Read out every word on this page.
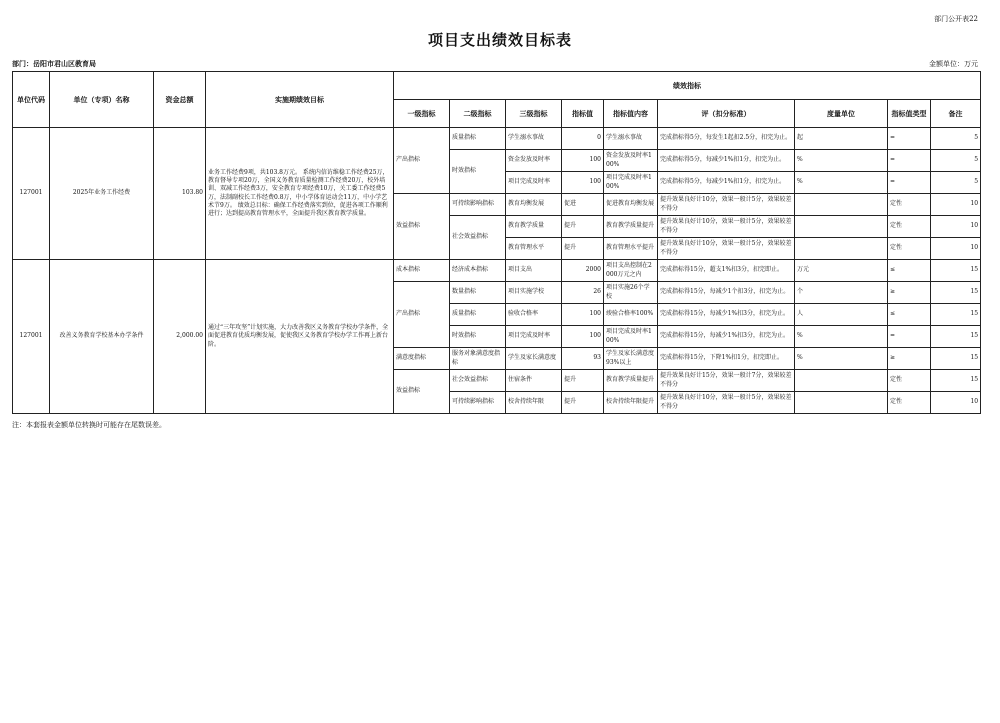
部门公开表22
项目支出绩效目标表
部门：岳阳市君山区教育局	金额单位：万元
单位代码	单位（专项）名称	资金总额	实施期绩效目标	绩效指标								
				一级指标	二级指标	三级指标	指标值	指标值内容	评（扣分标准）	度量单位	指标值类型	备注
127001	2025年业务工作经费	103.80	业务工作经费9项，共103.8万元。 系统内信访维稳工作经费25万，教育督导专项20万，全国义务教育质量检测工作经费20万，校外培训、双减工作经费3万，安全教育专项经费10万，关工委工作经费5万，法制副校长工作经费0.8万，中小学体育运动会11万，中小学艺术节9万。 绩效总目标：确保工作经费落实到位，促进各项工作顺利进行；达到提高教育管理水平，全面提升我区教育教学质量。	产出指标	质量指标	学生溺水事故	0	学生溺水事故	完成指标得5分，每发生1起扣2.5分，扣完为止。	起	=	5
					时效指标	资金发放及时率	100	资金发放及时率100%	完成指标得5分，每减少1%扣1分，扣完为止。	%	=	5
						项目完成及时率	100	项目完成及时率100%	完成指标得5分，每减少1%扣1分，扣完为止。	%	=	5
				效益指标	可持续影响指标	教育均衡发展	促进	促进教育均衡发展	提升效果良好计10分，效果一般计5分，效果较差不得分		定性	10
					社会效益指标	教育教学质量	提升	教育教学质量提升	提升效果良好计10分，效果一般计5分，效果较差不得分		定性	10
						教育管理水平	提升	教育管理水平提升	提升效果良好计10分，效果一般计5分，效果较差不得分		定性	10
127001	改善义务教育学校基本办学条件	2,000.00	通过“三年攻坚”计划实施，大力改善我区义务教育学校办学条件，全面促进教育优质均衡发展，促使我区义务教育学校办学工作再上新台阶。	成本指标	经济成本指标	项目支出	2000	项目支出控制在2000万元之内	完成指标得15分，超支1%扣3分，扣完即止。	万元	≤	15
				产出指标	数量指标	项目实施学校	26	项目实施26个学校	完成指标得15分，每减少1个扣3分，扣完为止。	个	≥	15
					质量指标	验收合格率	100	竣验合格率100%	完成指标得15分，每减少1%扣3分，扣完为止。	人	≤	15
					时效指标	项目完成及时率	100	项目完成及时率100%	完成指标得15分，每减少1%扣3分，扣完为止。	%	=	15
				满意度指标	服务对象满意度指标	学生及家长满意度	93	学生及家长满意度93%以上	完成指标得15分，下降1%扣1分，扣完即止。	%	≥	15
				效益指标	社会效益指标	住宿条件	提升	教育教学质量提升	提升效果良好计15分，效果一般计7分，效果较差不得分		定性	15
					可持续影响指标	校舍持续年限	提升	校舍持续年限提升	提升效果良好计10分，效果一般计5分，效果较差不得分		定性	10
注：本套报表金额单位转换时可能存在尾数误差。
